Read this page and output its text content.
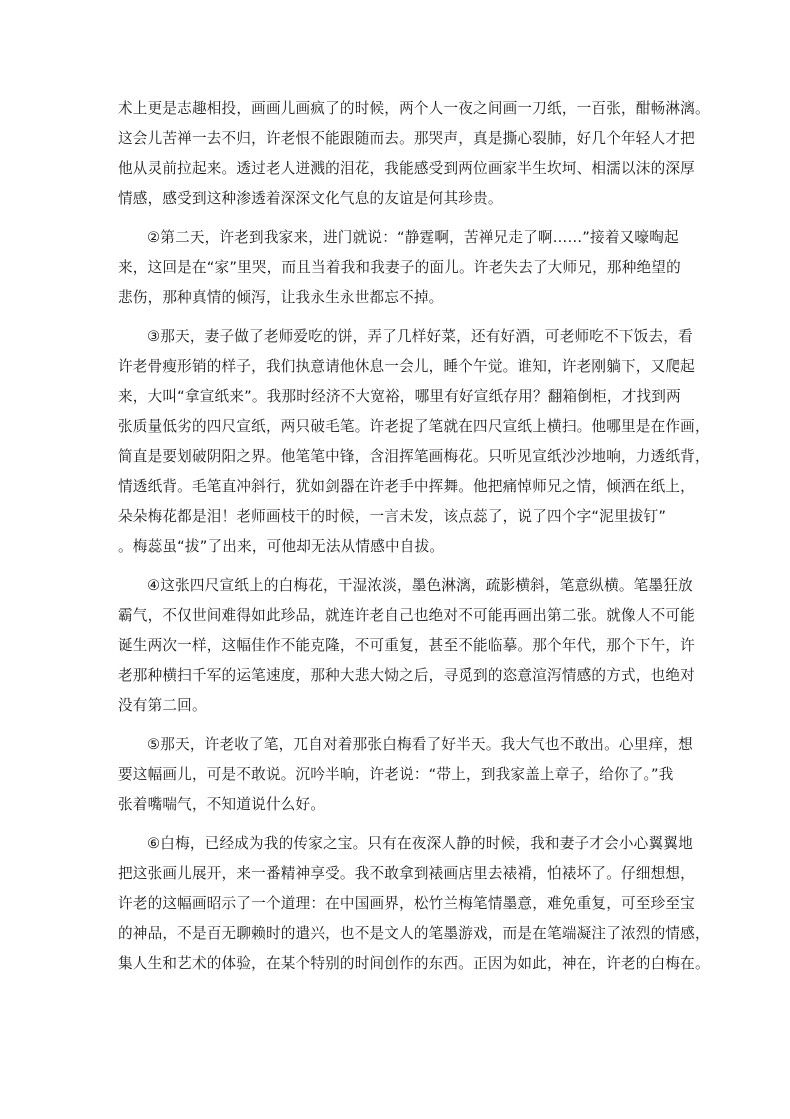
术上更是志趣相投，画画儿画疯了的时候，两个人一夜之间画一刀纸，一百张，酣畅淋漓。
这会儿苦禅一去不归，许老恨不能跟随而去。那哭声，真是撕心裂肺，好几个年轻人才把
他从灵前拉起来。透过老人迸溅的泪花，我能感受到两位画家半生坎坷、相濡以沫的深厚
情感，感受到这种渗透着深深文化气息的友谊是何其珍贵。
②第二天，许老到我家来，进门就说：“静霆啊，苦禅兄走了啊……”接着又嚎啕起
来，这回是在“家”里哭，而且当着我和我妻子的面儿。许老失去了大师兄，那种绝望的
悲伤，那种真情的倾泻，让我永生永世都忘不掉。
③那天，妻子做了老师爱吃的饼，弄了几样好菜，还有好酒，可老师吃不下饭去，看
许老骨瘦形销的样子，我们执意请他休息一会儿，睡个午觉。谁知，许老刚躺下，又爬起
来，大叫“拿宣纸来”。我那时经济不大宽裕，哪里有好宣纸存用？翻箱倒柜，才找到两
张质量低劣的四尺宣纸，两只破毛笔。许老捉了笔就在四尺宣纸上横扫。他哪里是在作画，
简直是要划破阴阳之界。他笔笔中锋，含泪挥笔画梅花。只听见宣纸沙沙地响，力透纸背，
情透纸背。毛笔直冲斜行，犹如剑器在许老手中挥舞。他把痛悼师兄之情，倾洒在纸上，
朵朵梅花都是泪！老师画枝干的时候，一言未发，该点蕊了，说了四个字“泥里拔钉”
。梅蕊虽“拔”了出来，可他却无法从情感中自拔。
④这张四尺宣纸上的白梅花，干湿浓淡，墨色淋漓，疏影横斜，笔意纵横。笔墨狂放
霸气，不仅世间难得如此珍品，就连许老自己也绝对不可能再画出第二张。就像人不可能
诞生两次一样，这幅佳作不能克隆，不可重复，甚至不能临摹。那个年代，那个下午，许
老那种横扫千军的运笔速度，那种大悲大恸之后，寻觅到的恣意渲泻情感的方式，也绝对
没有第二回。
⑤那天，许老收了笔，兀自对着那张白梅看了好半天。我大气也不敢出。心里痒，想
要这幅画儿，可是不敢说。沉吟半晌，许老说：“带上，到我家盖上章子，给你了。”我
张着嘴喘气，不知道说什么好。
⑥白梅，已经成为我的传家之宝。只有在夜深人静的时候，我和妻子才会小心翼翼地
把这张画儿展开，来一番精神享受。我不敢拿到裱画店里去裱褙，怕裱坏了。仔细想想，
许老的这幅画昭示了一个道理：在中国画界，松竹兰梅笔情墨意，难免重复，可至珍至宝
的神品，不是百无聊赖时的遣兴，也不是文人的笔墨游戏，而是在笔端凝注了浓烈的情感，
集人生和艺术的体验，在某个特别的时间创作的东西。正因为如此，神在，许老的白梅在。
